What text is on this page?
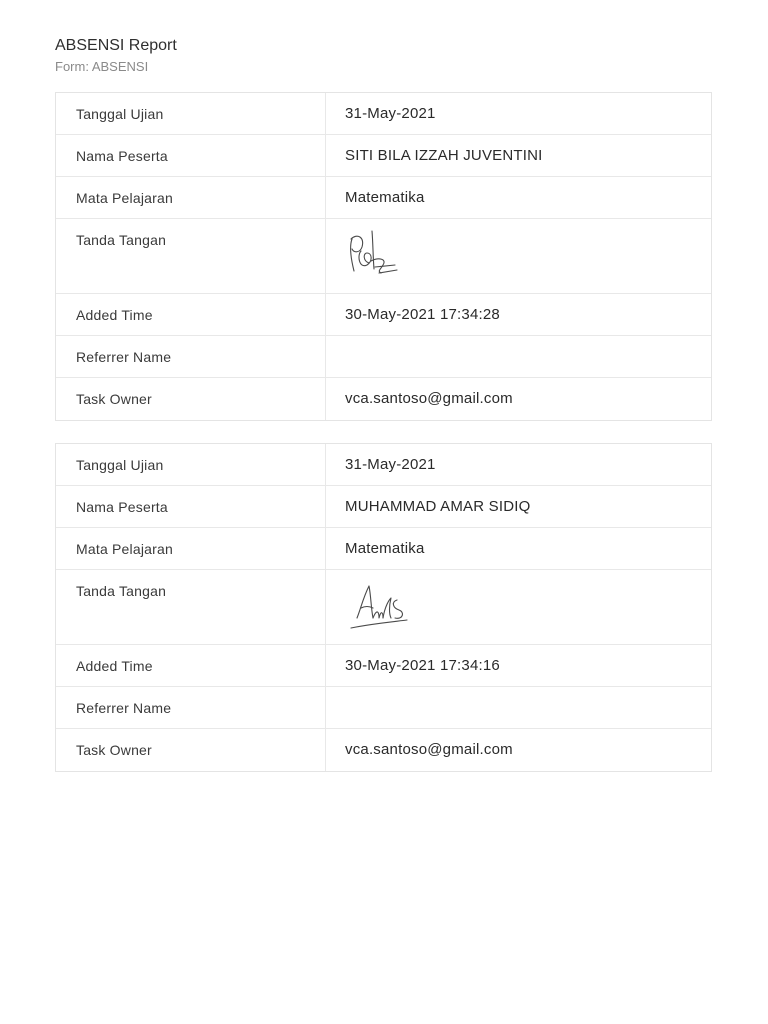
ABSENSI Report
Form: ABSENSI
Tanggal Ujian	31-May-2021
Nama Peserta	SITI BILA IZZAH JUVENTINI
Mata Pelajaran	Matematika
Tanda Tangan
Added Time	30-May-2021 17:34:28
Referrer Name
Task Owner	vca.santoso@gmail.com
Tanggal Ujian	31-May-2021
Nama Peserta	MUHAMMAD AMAR SIDIQ
Mata Pelajaran	Matematika
Tanda Tangan
Added Time	30-May-2021 17:34:16
Referrer Name
Task Owner	vca.santoso@gmail.com
